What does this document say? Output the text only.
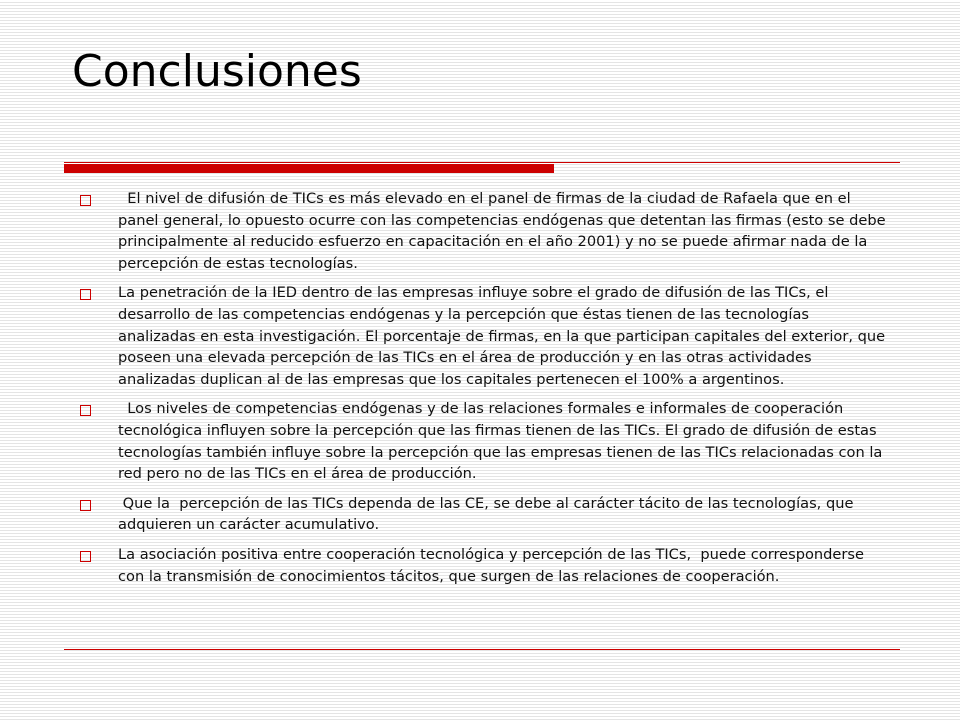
Conclusiones
El nivel de difusión de TICs es más elevado en el panel de firmas de la ciudad de Rafaela que en el panel general, lo opuesto ocurre con las competencias endógenas que detentan las firmas (esto se debe principalmente al reducido esfuerzo en capacitación en el año 2001) y no se puede afirmar nada de la percepción de estas tecnologías.
La penetración de la IED dentro de las empresas influye sobre el grado de difusión de las TICs, el desarrollo de las competencias endógenas y la percepción que éstas tienen de las tecnologías analizadas en esta investigación. El porcentaje de firmas, en la que participan capitales del exterior, que poseen una elevada percepción de las TICs en el área de producción y en las otras actividades analizadas duplican al de las empresas que los capitales pertenecen el 100% a argentinos.
Los niveles de competencias endógenas y de las relaciones formales e informales de cooperación tecnológica influyen sobre la percepción que las firmas tienen de las TICs. El grado de difusión de estas tecnologías también influye sobre la percepción que las empresas tienen de las TICs relacionadas con la red pero no de las TICs en el área de producción.
Que la  percepción de las TICs dependa de las CE, se debe al carácter tácito de las tecnologías, que adquieren un carácter acumulativo.
La asociación positiva entre cooperación tecnológica y percepción de las TICs,  puede corresponderse con la transmisión de conocimientos tácitos, que surgen de las relaciones de cooperación.
